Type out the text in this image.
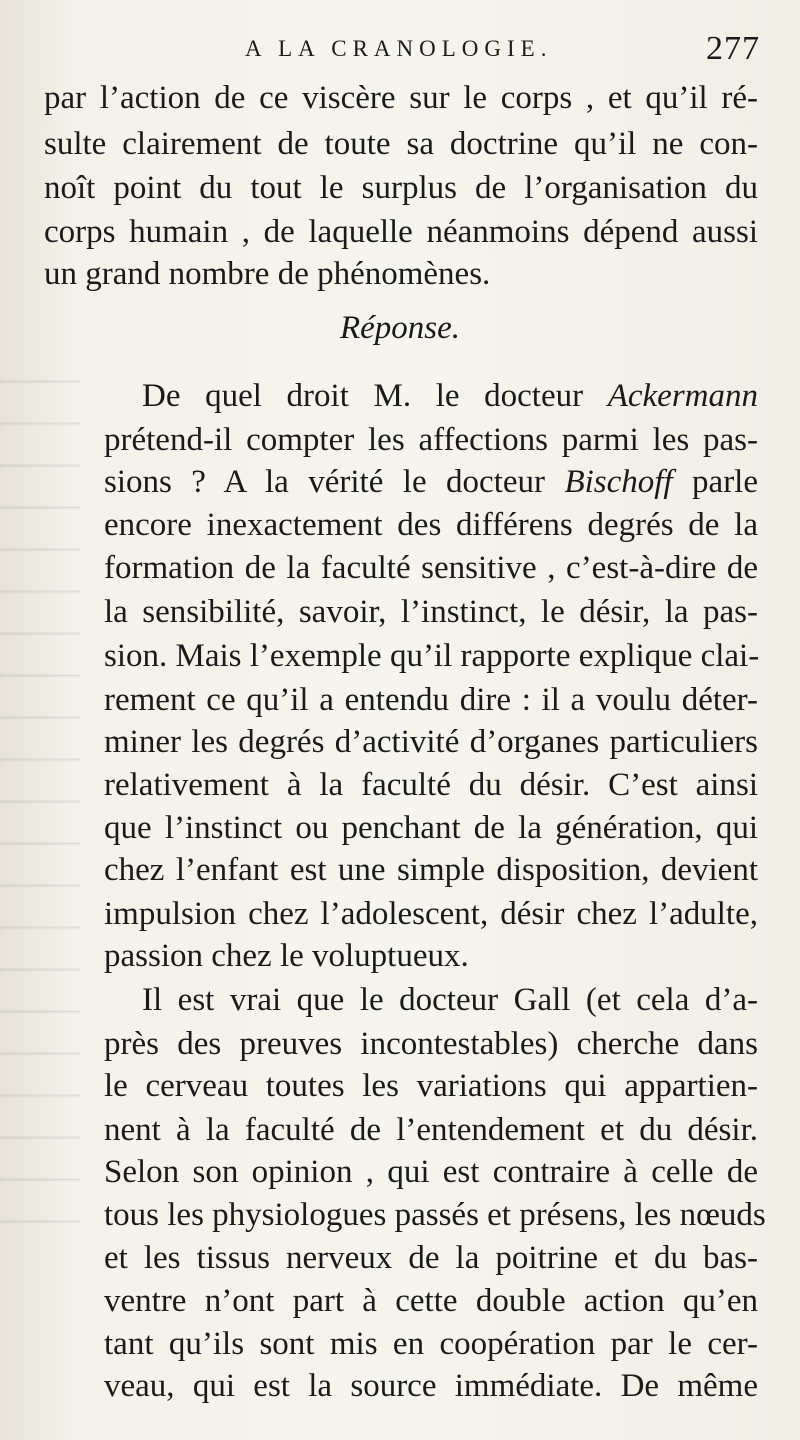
A LA CRANOLOGIE.	277
par l’action de ce viscère sur le corps , et qu’il ré-
sulte clairement de toute sa doctrine qu’il ne con-
noît point du tout le surplus de l’organisation du
corps humain , de laquelle néanmoins dépend aussi
un grand nombre de phénomènes.
Réponse.
De quel droit M. le docteur Ackermann
prétend-il compter les affections parmi les pas-
sions ? A la vérité le docteur Bischoff parle
encore inexactement des différens degrés de la
formation de la faculté sensitive , c’est-à-dire de
la sensibilité, savoir, l’instinct, le désir, la pas-
sion. Mais l’exemple qu’il rapporte explique clai-
rement ce qu’il a entendu dire : il a voulu déter-
miner les degrés d’activité d’organes particuliers
relativement à la faculté du désir. C’est ainsi
que l’instinct ou penchant de la génération, qui
chez l’enfant est une simple disposition, devient
impulsion chez l’adolescent, désir chez l’adulte,
passion chez le voluptueux.
Il est vrai que le docteur Gall (et cela d’a-
près des preuves incontestables) cherche dans
le cerveau toutes les variations qui appartien-
nent à la faculté de l’entendement et du désir.
Selon son opinion , qui est contraire à celle de
tous les physiologues passés et présens, les nœuds
et les tissus nerveux de la poitrine et du bas-
ventre n’ont part à cette double action qu’en
tant qu’ils sont mis en coopération par le cer-
veau, qui est la source immédiate. De même
